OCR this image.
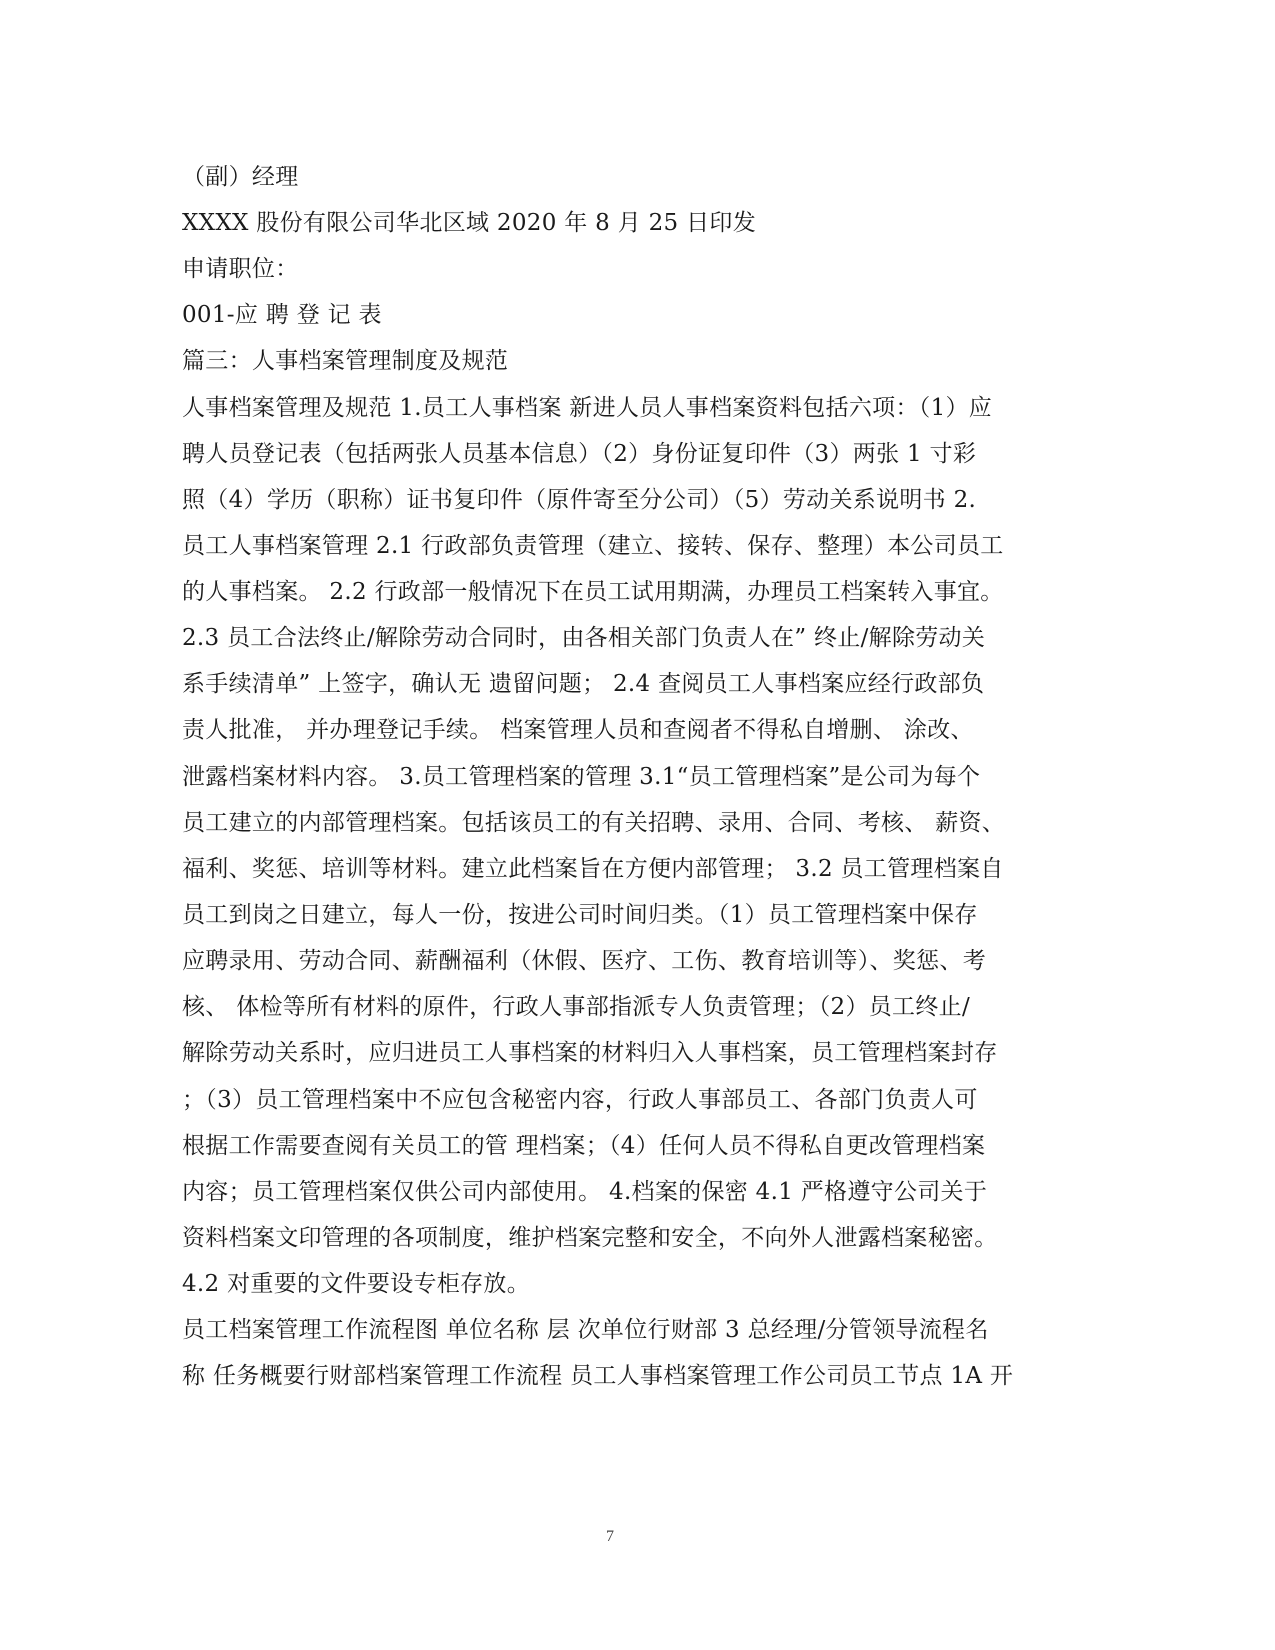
（副）经理
XXXX 股份有限公司华北区域 2020 年 8 月 25 日印发
申请职位：
001-应 聘 登 记 表
篇三：人事档案管理制度及规范
人事档案管理及规范 1.员工人事档案 新进人员人事档案资料包括六项：（1）应
聘人员登记表（包括两张人员基本信息）（2）身份证复印件（3）两张 1 寸彩
照（4）学历（职称）证书复印件（原件寄至分公司）（5）劳动关系说明书 2.
员工人事档案管理 2.1 行政部负责管理（建立、接转、保存、整理）本公司员工
的人事档案。 2.2 行政部一般情况下在员工试用期满，办理员工档案转入事宜。
2.3 员工合法终止/解除劳动合同时，由各相关部门负责人在” 终止/解除劳动关
系手续清单” 上签字，确认无 遗留问题； 2.4 查阅员工人事档案应经行政部负
责人批准， 并办理登记手续。 档案管理人员和查阅者不得私自增删、 涂改、
泄露档案材料内容。 3.员工管理档案的管理 3.1“员工管理档案”是公司为每个
员工建立的内部管理档案。包括该员工的有关招聘、录用、合同、考核、 薪资、
福利、奖惩、培训等材料。建立此档案旨在方便内部管理； 3.2 员工管理档案自
员工到岗之日建立，每人一份，按进公司时间归类。（1）员工管理档案中保存
应聘录用、劳动合同、薪酬福利（休假、医疗、工伤、教育培训等）、奖惩、考
核、 体检等所有材料的原件，行政人事部指派专人负责管理；（2）员工终止/
解除劳动关系时，应归进员工人事档案的材料归入人事档案，员工管理档案封存
；（3）员工管理档案中不应包含秘密内容，行政人事部员工、各部门负责人可
根据工作需要查阅有关员工的管 理档案；（4）任何人员不得私自更改管理档案
内容；员工管理档案仅供公司内部使用。 4.档案的保密 4.1 严格遵守公司关于
资料档案文印管理的各项制度，维护档案完整和安全，不向外人泄露档案秘密。
4.2 对重要的文件要设专柜存放。
员工档案管理工作流程图 单位名称 层 次单位行财部 3 总经理/分管领导流程名
称 任务概要行财部档案管理工作流程 员工人事档案管理工作公司员工节点 1A 开
7
